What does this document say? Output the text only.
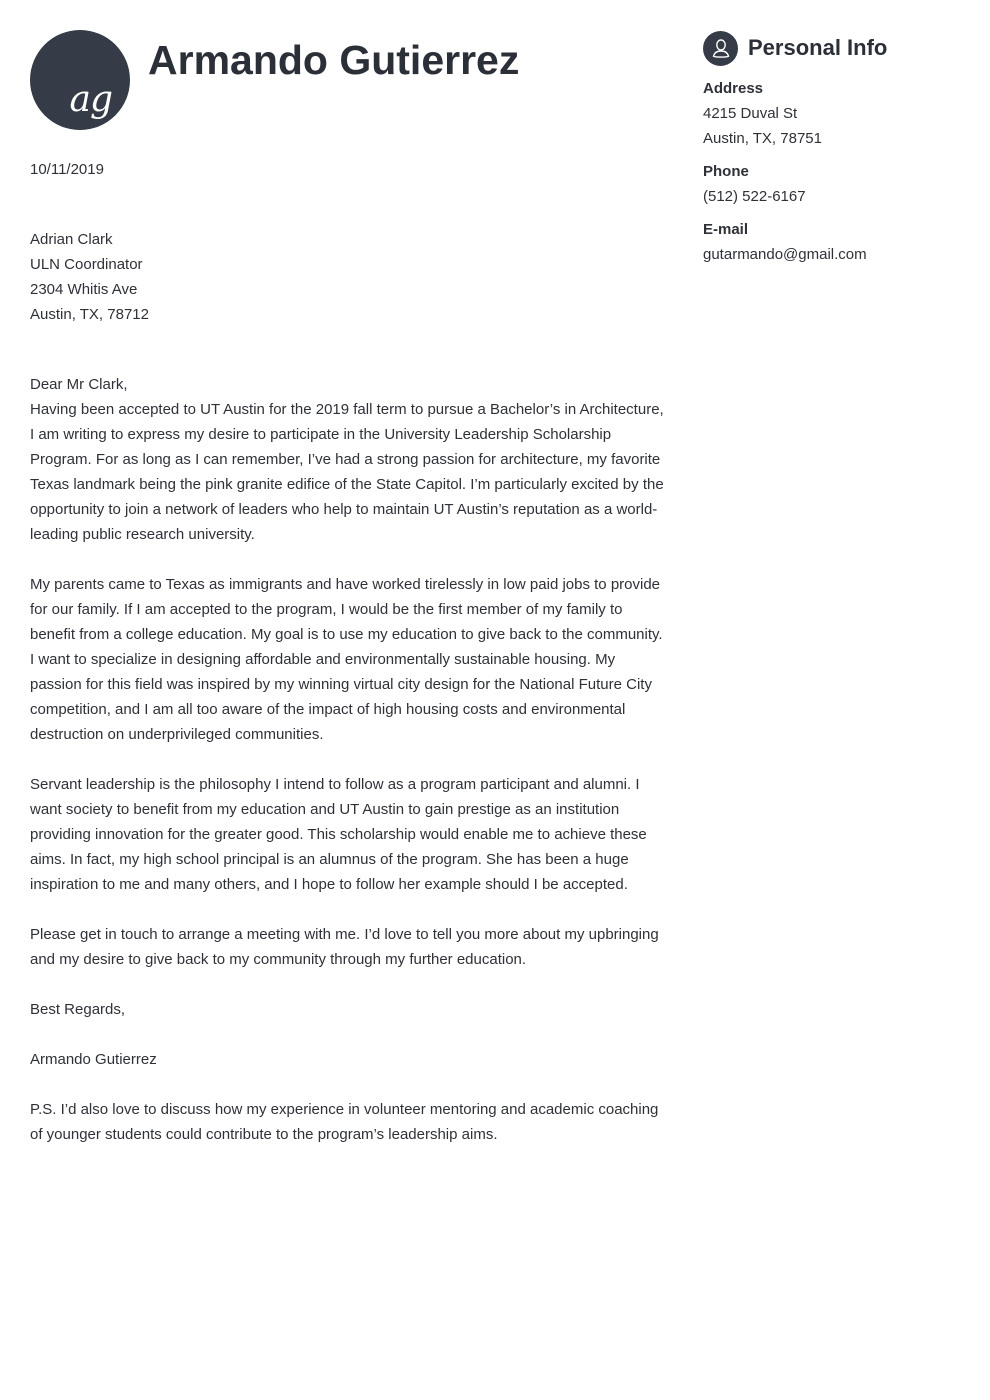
ag
Armando Gutierrez

10/11/2019

Adrian Clark

ULN Coordinator

2304 Whitis Ave

Austin, TX, 78712

Dear Mr Clark,

Having been accepted to UT Austin for the 2019 fall term to pursue a Bachelor’s in Architecture, I am writing to express my desire to participate in the University Leadership Scholarship Program. For as long as I can remember, I’ve had a strong passion for architecture, my favorite Texas landmark being the pink granite edifice of the State Capitol. I’m particularly excited by the opportunity to join a network of leaders who help to maintain UT Austin’s reputation as a world-leading public research university.

My parents came to Texas as immigrants and have worked tirelessly in low paid jobs to provide for our family. If I am accepted to the program, I would be the first member of my family to benefit from a college education. My goal is to use my education to give back to the community. I want to specialize in designing affordable and environmentally sustainable housing. My passion for this field was inspired by my winning virtual city design for the National Future City competition, and I am all too aware of the impact of high housing costs and environmental destruction on underprivileged communities.

Servant leadership is the philosophy I intend to follow as a program participant and alumni. I want society to benefit from my education and UT Austin to gain prestige as an institution providing innovation for the greater good. This scholarship would enable me to achieve these aims. In fact, my high school principal is an alumnus of the program. She has been a huge inspiration to me and many others, and I hope to follow her example should I be accepted.

Please get in touch to arrange a meeting with me. I’d love to tell you more about my upbringing and my desire to give back to my community through my further education.

Best Regards,

Armando Gutierrez

P.S. I’d also love to discuss how my experience in volunteer mentoring and academic coaching of younger students could contribute to the program’s leadership aims.

Personal Info
Address
4215 Duval St
Austin, TX, 78751
Phone
(512) 522-6167
E-mail
gutarmando@gmail.com
